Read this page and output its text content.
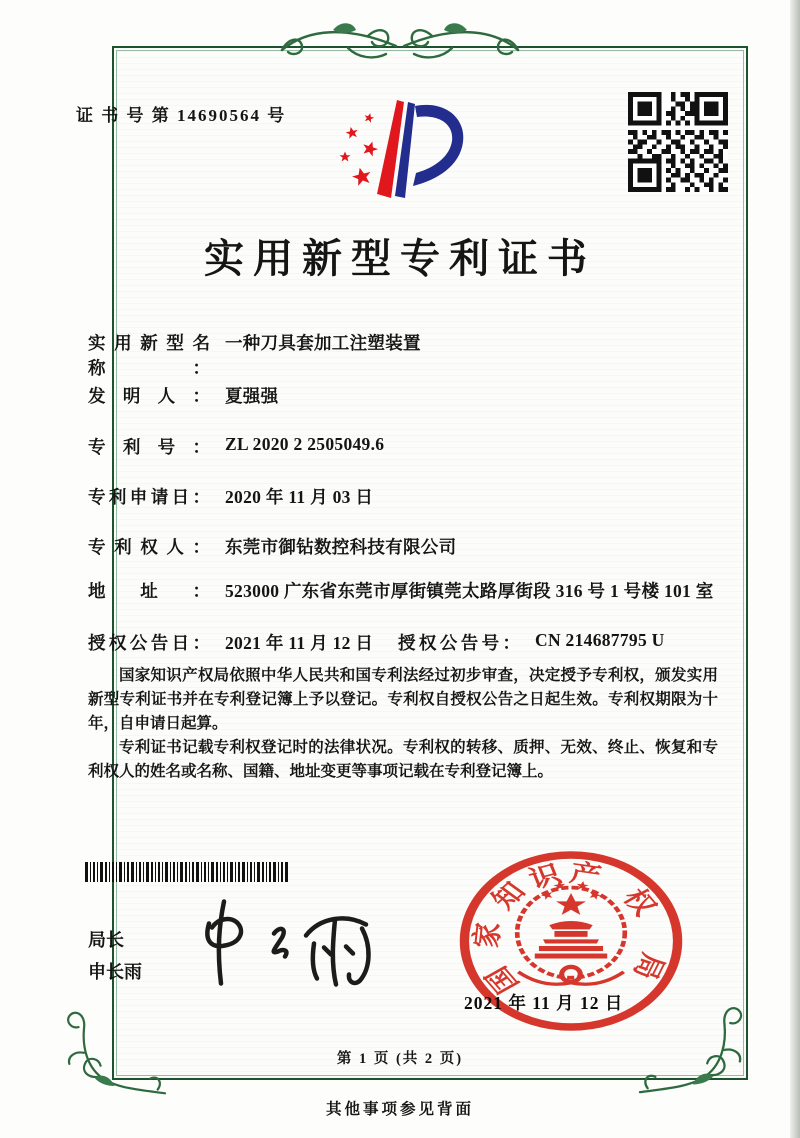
证 书 号 第 14690564 号
实用新型专利证书
实用新型名称：
一种刀具套加工注塑装置
发明人： 夏强强
专利号： ZL 2020 2 2505049.6
专利申请日： 2020 年 11 月 03 日
专利权人： 东莞市御钻数控科技有限公司
地址： 523000 广东省东莞市厚街镇莞太路厚街段 316 号 1 号楼 101 室
授权公告日： 2021 年 11 月 12 日 授权公告号： CN 214687795 U

国家知识产权局依照中华人民共和国专利法经过初步审查，决定授予专利权，颁发实用新型专利证书并在专利登记簿上予以登记。专利权自授权公告之日起生效。专利权期限为十年，自申请日起算。

专利证书记载专利权登记时的法律状况。专利权的转移、质押、无效、终止、恢复和专利权人的姓名或名称、国籍、地址变更等事项记载在专利登记簿上。

局长
申长雨	国
家
知
识 产
权
局
2021 年 11 月 12 日
第 1 页 (共 2 页)
其他事项参见背面
